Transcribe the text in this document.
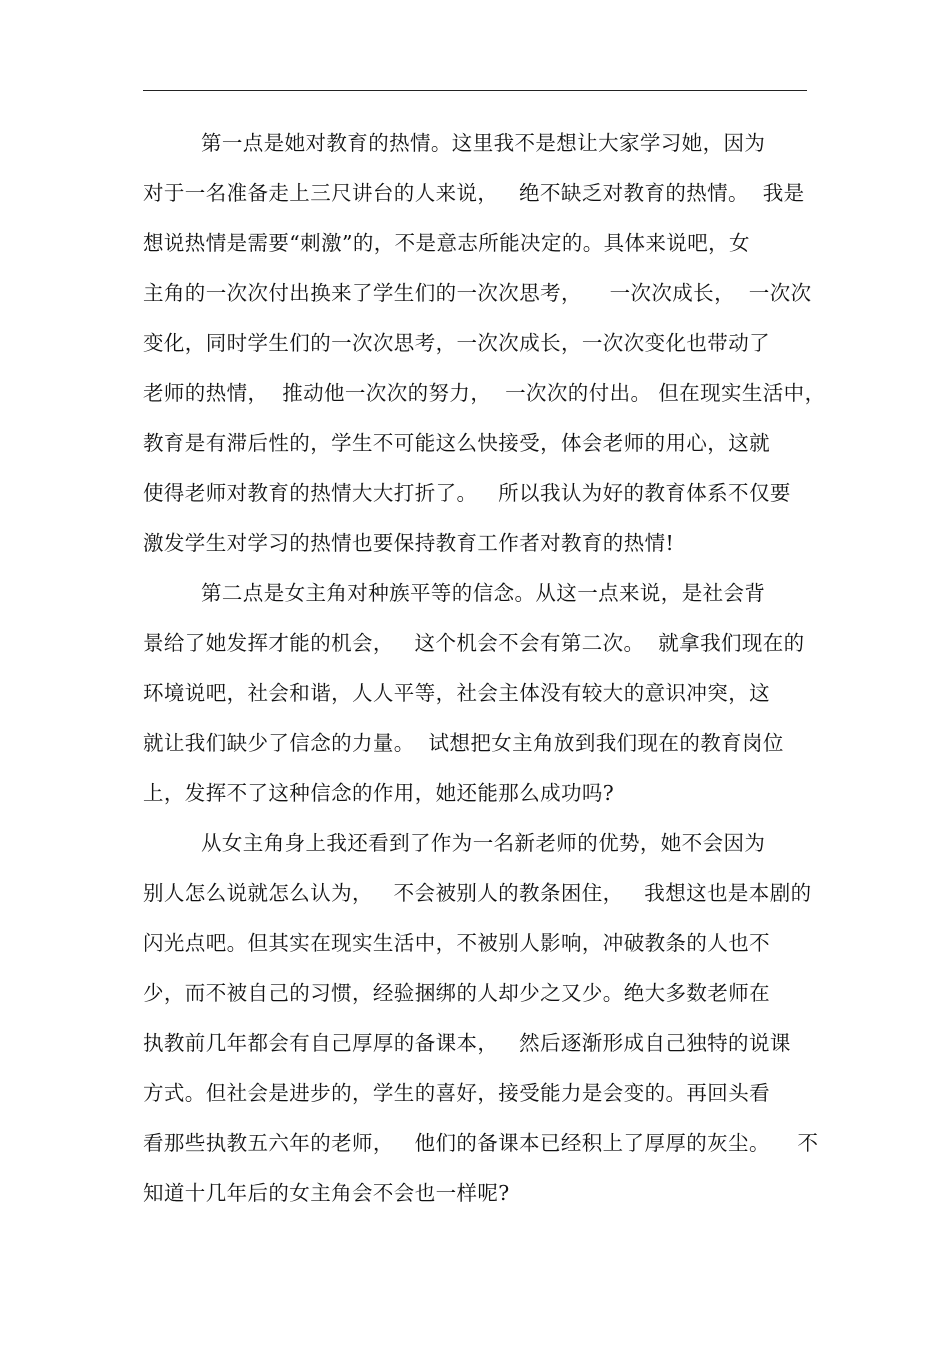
第一点是她对教育的热情。这里我不是想让大家学习她，因为
对于一名准备走上三尺讲台的人来说，   绝不缺乏对教育的热情。  我是
想说热情是需要“刺激”的，不是意志所能决定的。具体来说吧，女
主角的一次次付出换来了学生们的一次次思考，    一次次成长，  一次次
变化，同时学生们的一次次思考，一次次成长，一次次变化也带动了
老师的热情，  推动他一次次的努力，  一次次的付出。 但在现实生活中，
教育是有滞后性的，学生不可能这么快接受，体会老师的用心，这就
使得老师对教育的热情大大打折了。   所以我认为好的教育体系不仅要
激发学生对学习的热情也要保持教育工作者对教育的热情!
第二点是女主角对种族平等的信念。从这一点来说，是社会背
景给了她发挥才能的机会，   这个机会不会有第二次。  就拿我们现在的
环境说吧，社会和谐，人人平等，社会主体没有较大的意识冲突，这
就让我们缺少了信念的力量。  试想把女主角放到我们现在的教育岗位
上，发挥不了这种信念的作用，她还能那么成功吗?
从女主角身上我还看到了作为一名新老师的优势，她不会因为
别人怎么说就怎么认为，   不会被别人的教条困住，   我想这也是本剧的
闪光点吧。但其实在现实生活中，不被别人影响，冲破教条的人也不
少，而不被自己的习惯，经验捆绑的人却少之又少。绝大多数老师在
执教前几年都会有自己厚厚的备课本，   然后逐渐形成自己独特的说课
方式。但社会是进步的，学生的喜好，接受能力是会变的。再回头看
看那些执教五六年的老师，   他们的备课本已经积上了厚厚的灰尘。    不
知道十几年后的女主角会不会也一样呢?
